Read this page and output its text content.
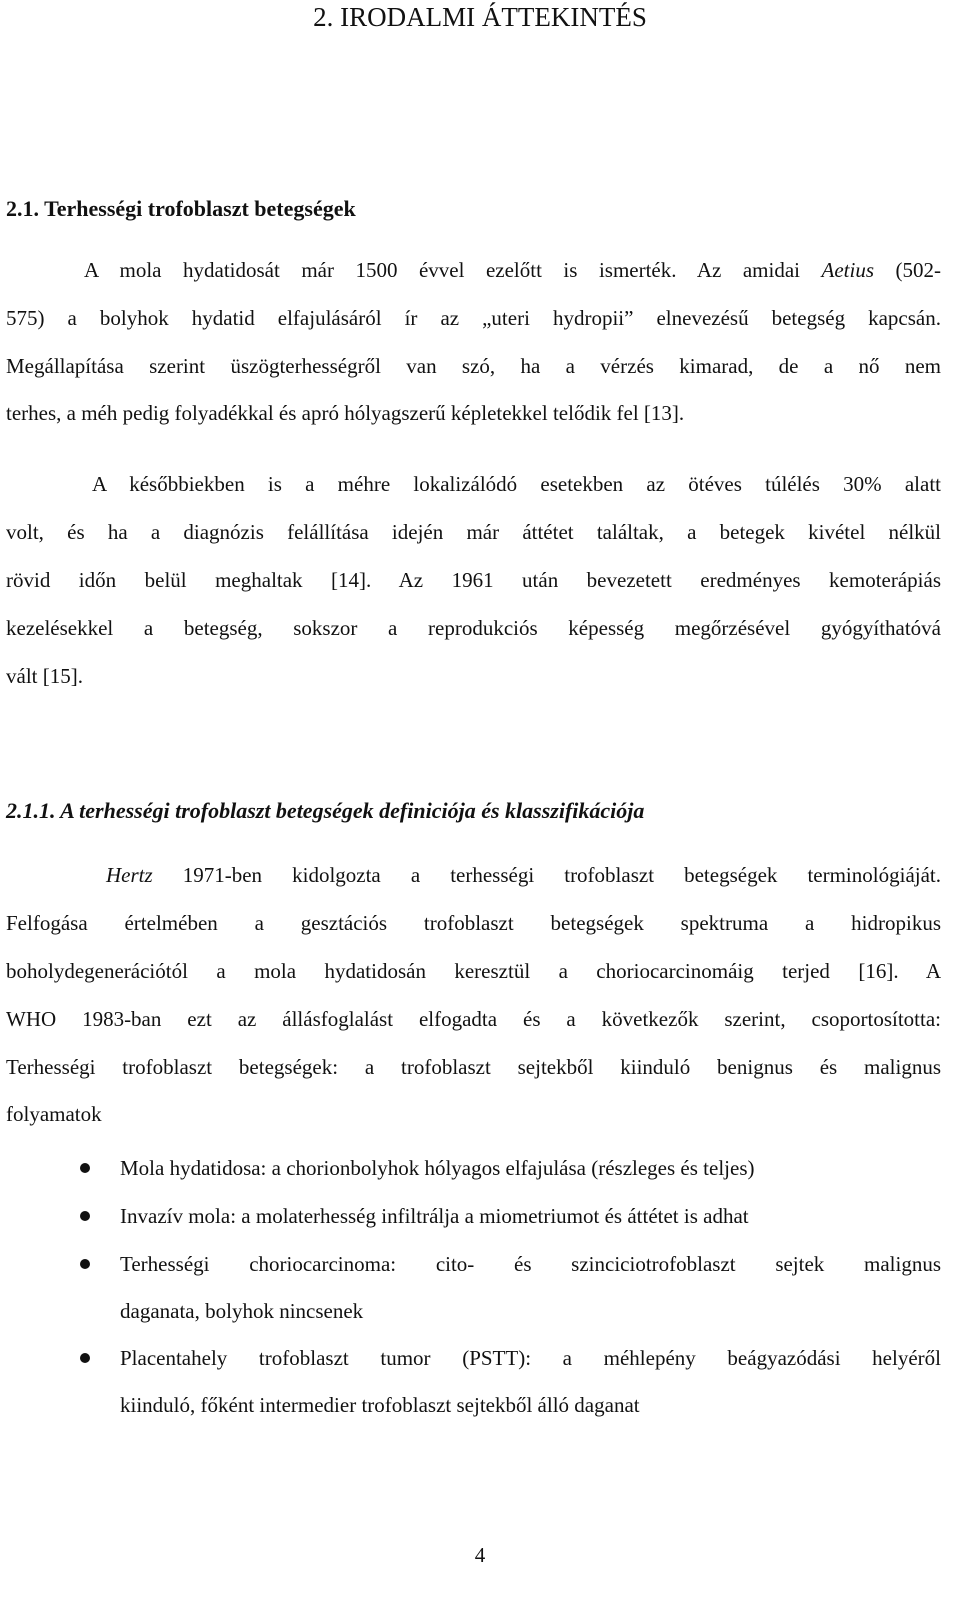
2. IRODALMI ÁTTEKINTÉS
2.1. Terhességi trofoblaszt betegségek
A mola hydatidosát már 1500 évvel ezelőtt is ismerték. Az amidai Aetius (502-
575) a bolyhok hydatid elfajulásáról ír az „uteri hydropii” elnevezésű betegség kapcsán.
Megállapítása szerint üszögterhességről van szó, ha a vérzés kimarad, de a nő nem
terhes, a méh pedig folyadékkal és apró hólyagszerű képletekkel telődik fel [13].
A későbbiekben is a méhre lokalizálódó esetekben az ötéves túlélés 30% alatt
volt, és ha a diagnózis felállítása idején már áttétet találtak, a betegek kivétel nélkül
rövid időn belül meghaltak [14]. Az 1961 után bevezetett eredményes kemoterápiás
kezelésekkel a betegség, sokszor a reprodukciós képesség megőrzésével gyógyíthatóvá
vált [15].
2.1.1. A terhességi trofoblaszt betegségek definiciója és klasszifikációja
Hertz 1971-ben kidolgozta a terhességi trofoblaszt betegségek terminológiáját.
Felfogása értelmében a gesztációs trofoblaszt betegségek spektruma a hidropikus
boholydegenerációtól a mola hydatidosán keresztül a choriocarcinomáig terjed [16]. A
WHO 1983-ban ezt az állásfoglalást elfogadta és a következők szerint, csoportosította:
Terhességi trofoblaszt betegségek: a trofoblaszt sejtekből kiinduló benignus és malignus
folyamatok
Mola hydatidosa: a chorionbolyhok hólyagos elfajulása (részleges és teljes)
Invazív mola: a molaterhesség infiltrálja a miometriumot és áttétet is adhat
Terhességi choriocarcinoma: cito- és szinciciotrofoblaszt sejtek malignus
daganata, bolyhok nincsenek
Placentahely trofoblaszt tumor (PSTT): a méhlepény beágyazódási helyéről
kiinduló, főként intermedier trofoblaszt sejtekből álló daganat
4
